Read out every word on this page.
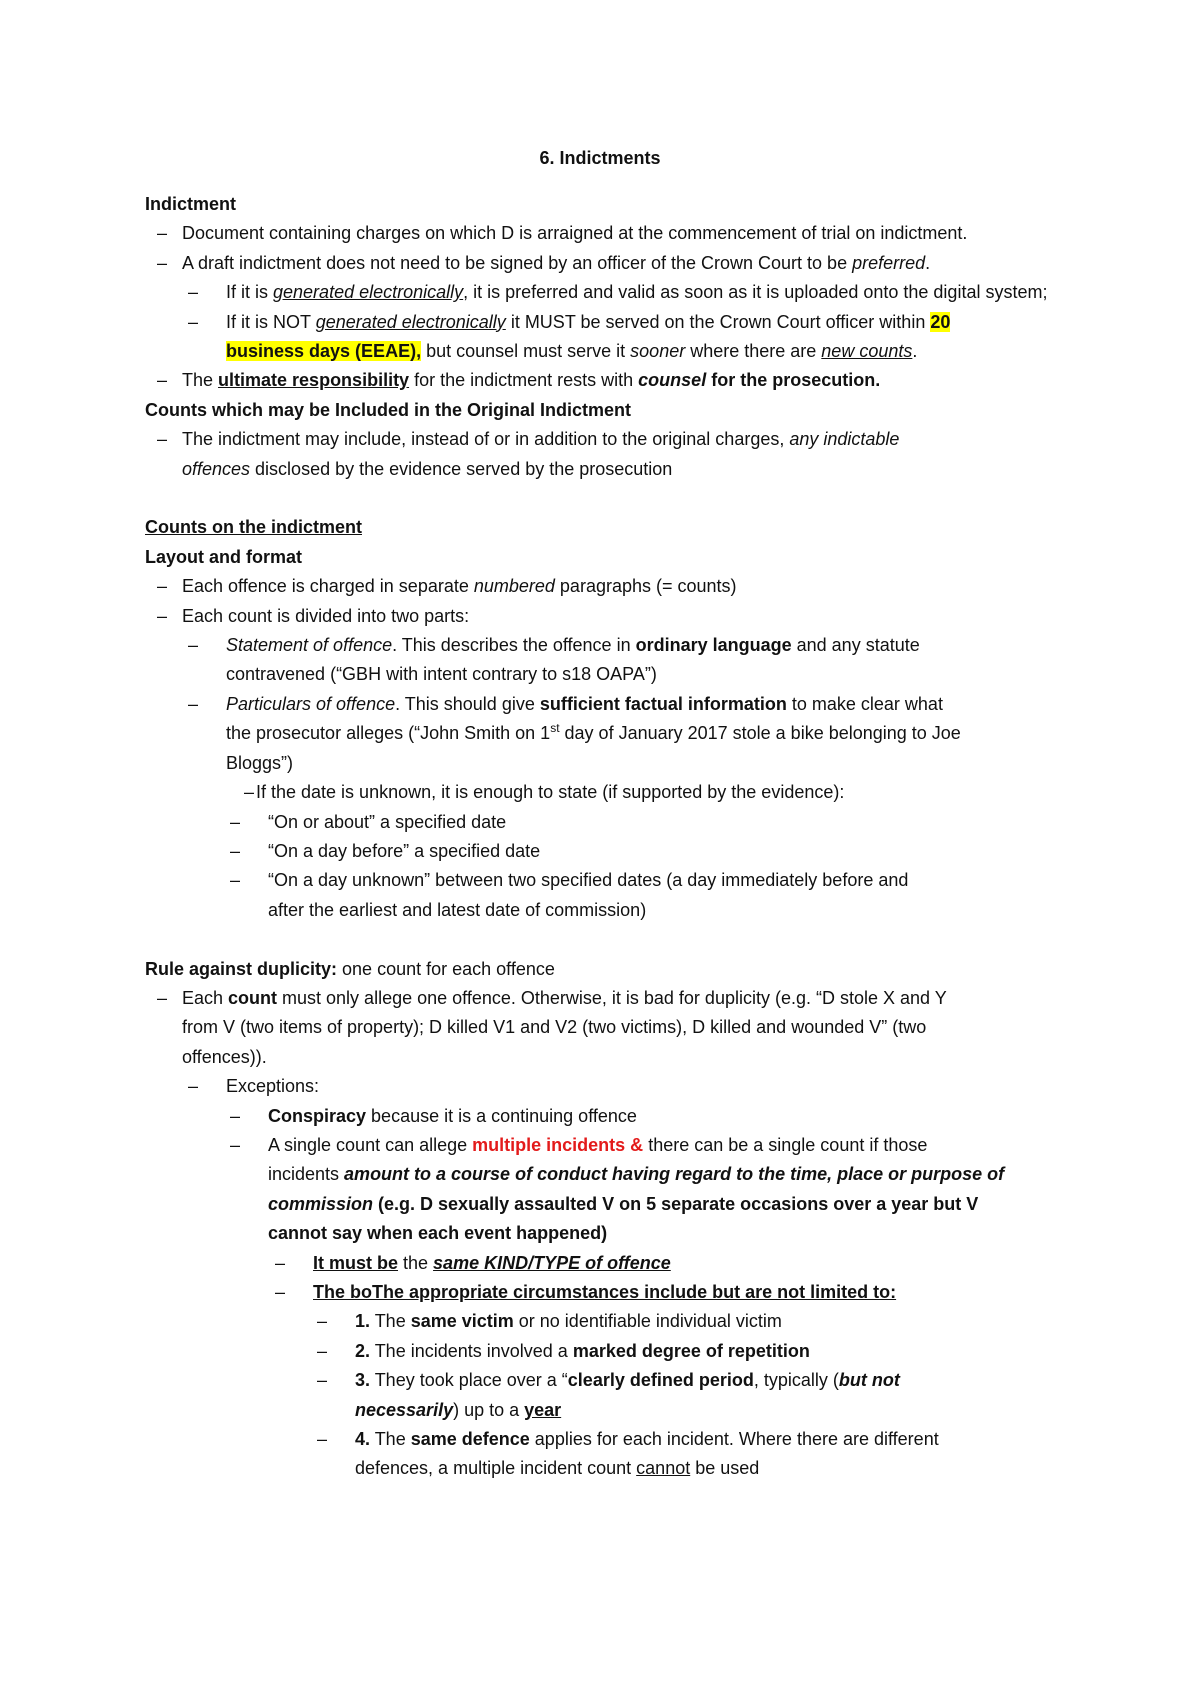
6. Indictments
Indictment
– Document containing charges on which D is arraigned at the commencement of trial on indictment.
– A draft indictment does not need to be signed by an officer of the Crown Court to be preferred.
– If it is generated electronically, it is preferred and valid as soon as it is uploaded onto the digital system;
– If it is NOT generated electronically it MUST be served on the Crown Court officer within 20
business days (EEAE), but counsel must serve it sooner where there are new counts.
– The ultimate responsibility for the indictment rests with counsel for the prosecution.
Counts which may be Included in the Original Indictment
– The indictment may include, instead of or in addition to the original charges, any indictable
offences disclosed by the evidence served by the prosecution
Counts on the indictment
Layout and format
– Each offence is charged in separate numbered paragraphs (= counts)
– Each count is divided into two parts:
– Statement of offence. This describes the offence in ordinary language and any statute
contravened (“GBH with intent contrary to s18 OAPA”)
– Particulars of offence. This should give sufficient factual information to make clear what
the prosecutor alleges (“John Smith on 1st day of January 2017 stole a bike belonging to Joe
Bloggs”)
– If the date is unknown, it is enough to state (if supported by the evidence):
– “On or about” a specified date
– “On a day before” a specified date
– “On a day unknown” between two specified dates (a day immediately before and
after the earliest and latest date of commission)
Rule against duplicity: one count for each offence
– Each count must only allege one offence. Otherwise, it is bad for duplicity (e.g. “D stole X and Y
from V (two items of property); D killed V1 and V2 (two victims), D killed and wounded V” (two
offences)).
– Exceptions:
– Conspiracy because it is a continuing offence
– A single count can allege multiple incidents & there can be a single count if those
incidents amount to a course of conduct having regard to the time, place or purpose of
commission (e.g. D sexually assaulted V on 5 separate occasions over a year but V
cannot say when each event happened)
– It must be the same KIND/TYPE of offence
– The boThe appropriate circumstances include but are not limited to:
– 1. The same victim or no identifiable individual victim
– 2. The incidents involved a marked degree of repetition
– 3. They took place over a “clearly defined period, typically (but not
necessarily) up to a year
– 4. The same defence applies for each incident. Where there are different
defences, a multiple incident count cannot be used
